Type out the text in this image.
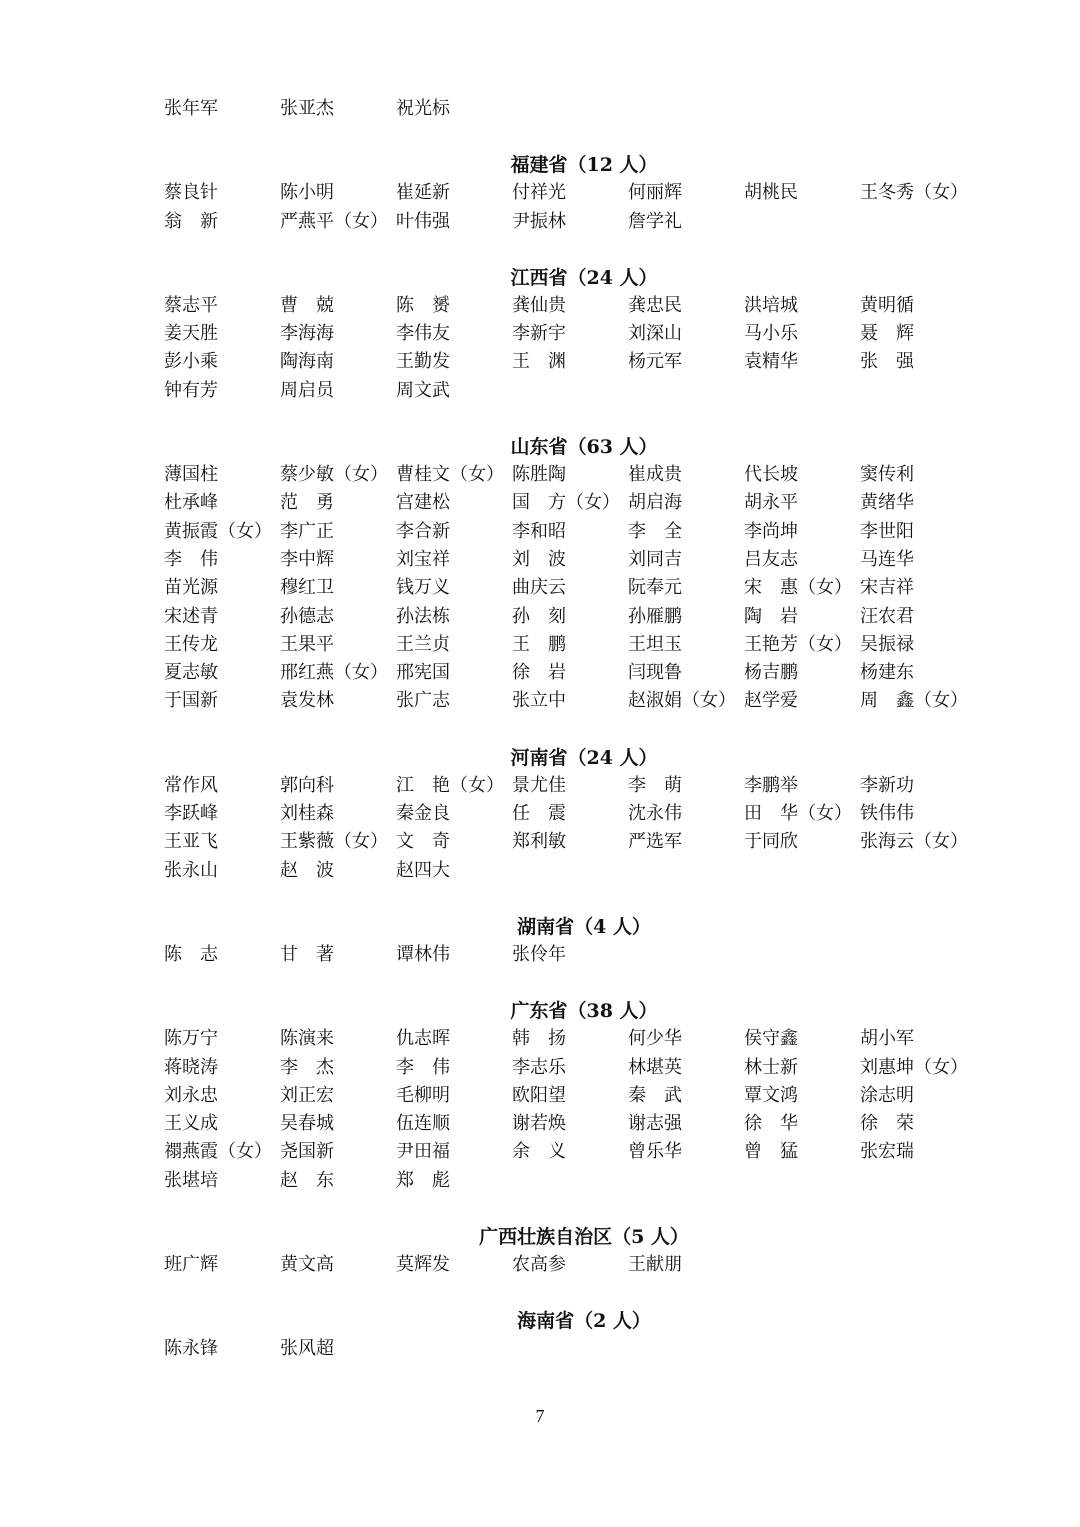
张年军	张亚杰	祝光标
福建省（12 人）
蔡良针	陈小明	崔延新	付祥光	何丽辉	胡桃民	王冬秀（女）
翁　新	严燕平（女） 叶伟强	尹振林	詹学礼
江西省（24 人）
蔡志平	曹　兢	陈　赟	龚仙贵	龚忠民	洪培城	黄明循
姜天胜	李海海	李伟友	李新宇	刘深山	马小乐	聂　辉
彭小乘	陶海南	王勤发	王　渊	杨元军	袁精华	张　强
钟有芳	周启员	周文武
山东省（63 人）
薄国柱	蔡少敏（女） 曹桂文（女） 陈胜陶	崔成贵	代长坡	窦传利
杜承峰	范　勇	宫建松	国　方（女） 胡启海	胡永平	黄绪华
黄振霞（女） 李广正	李合新	李和昭	李　全	李尚坤	李世阳
李　伟	李中辉	刘宝祥	刘　波	刘同吉	吕友志	马连华
苗光源	穆红卫	钱万义	曲庆云	阮奉元	宋　惠（女） 宋吉祥
宋述青	孙德志	孙法栋	孙　刻	孙雁鹏	陶　岩	汪农君
王传龙	王果平	王兰贞	王　鹏	王坦玉	王艳芳（女） 吴振禄
夏志敏	邢红燕（女） 邢宪国	徐　岩	闫现鲁	杨吉鹏	杨建东
于国新	袁发林	张广志	张立中	赵淑娟（女） 赵学爱	周　鑫（女）
河南省（24 人）
常作风	郭向科	江　艳（女） 景尤佳	李　萌	李鹏举	李新功
李跃峰	刘桂森	秦金良	任　震	沈永伟	田　华（女） 铁伟伟
王亚飞	王紫薇（女） 文　奇	郑利敏	严选军	于同欣	张海云（女）
张永山	赵　波	赵四大
湖南省（4 人）
陈　志	甘　著	谭林伟	张伶年
广东省（38 人）
陈万宁	陈演来	仇志晖	韩　扬	何少华	侯守鑫	胡小军
蒋晓涛	李　杰	李　伟	李志乐	林堪英	林士新	刘惠坤（女）
刘永忠	刘正宏	毛柳明	欧阳望	秦　武	覃文鸿	涂志明
王义成	吴春城	伍连顺	谢若焕	谢志强	徐　华	徐　荣
禤燕霞（女） 尧国新	尹田福	余　义	曾乐华	曾　猛	张宏瑞
张堪培	赵　东	郑　彪
广西壮族自治区（5 人）
班广辉	黄文高	莫辉发	农高参	王献朋
海南省（2 人）
陈永锋	张风超
7
